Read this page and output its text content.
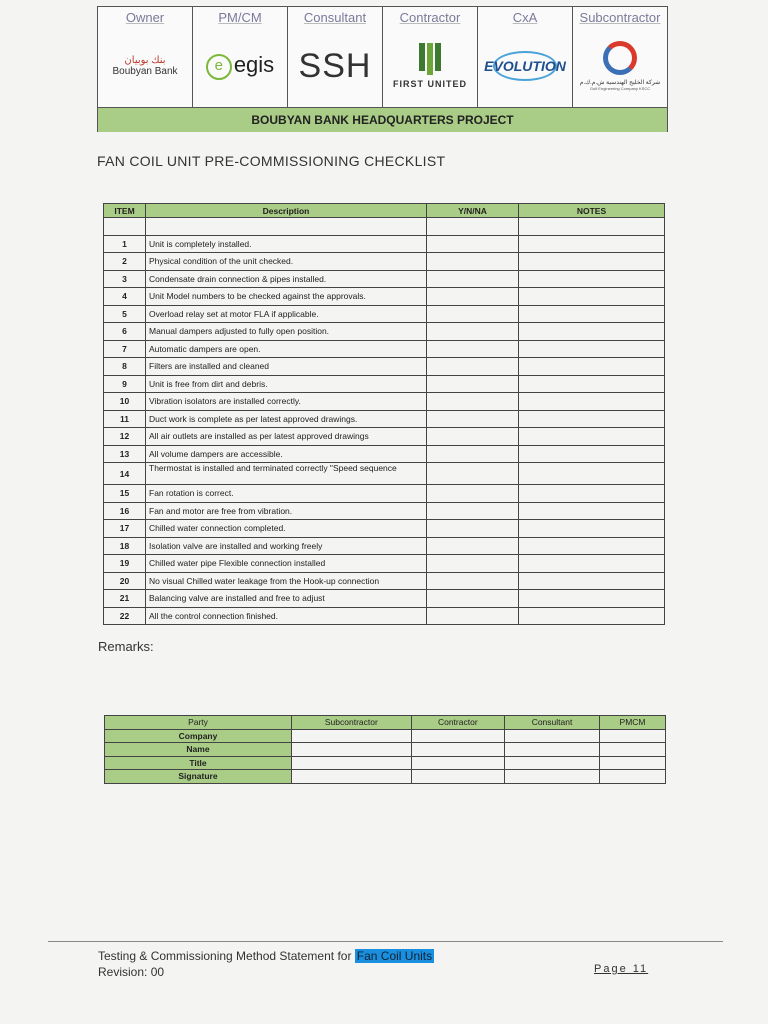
Owner
بنك بوبيان
Boubyan Bank
PM/CM
e egis
Consultant
SSH
Contractor
FIRST UNITED
CxA
EVOLUTION
Subcontractor
شركة الخليج الهندسية ش.م.ك.م
Gulf Engineering Company KSCC
BOUBYAN BANK HEADQUARTERS PROJECT
FAN COIL UNIT PRE-COMMISSIONING CHECKLIST
ITEM	Description	Y/N/NA	NOTES

1	Unit is completely installed.		
2	Physical condition of the unit checked.		
3	Condensate drain connection & pipes installed.		
4	Unit Model numbers to be checked against the approvals.		
5	Overload relay set at motor FLA if applicable.		
6	Manual dampers adjusted to fully open position.		
7	Automatic dampers are open.		
8	Filters are installed and cleaned		
9	Unit is free from dirt and debris.		
10	Vibration isolators are installed correctly.		
11	Duct work is complete as per latest approved drawings.		
12	All air outlets are installed as per latest approved drawings		
13	All volume dampers are accessible.		
14	Thermostat is installed and terminated correctly "Speed sequence		
15	Fan rotation is correct.		
16	Fan and motor are free from vibration.		
17	Chilled water connection completed.		
18	Isolation valve are installed and working freely		
19	Chilled water pipe Flexible connection installed		
20	No visual Chilled water leakage from the Hook-up connection		
21	Balancing valve are installed and free to adjust		
22	All the control connection finished.		
Remarks:
Party	Subcontractor	Contractor	Consultant	PMCM
Company				
Name				
Title				
Signature				
Testing & Commissioning Method Statement for Fan Coil Units
Revision: 00	Page 11
